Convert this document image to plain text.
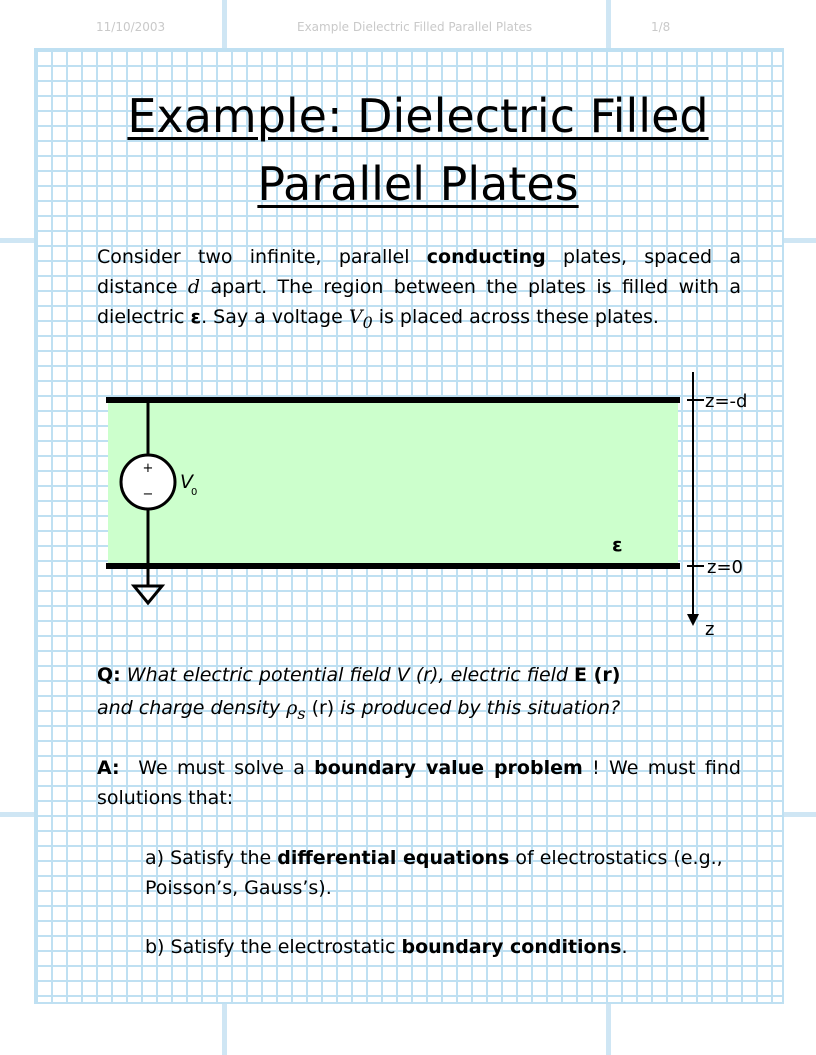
11/10/2003	Example Dielectric Filled Parallel Plates	1/8
Example: Dielectric Filled
Parallel Plates
Consider two infinite, parallel conducting plates, spaced a distance d apart. The region between the plates is filled with a dielectric ε. Say a voltage $V_0$ is placed across these plates.
+
−
V
0
ε
z=-d
z=0
z
Q: What electric potential field V (r), electric field E (r)
and charge density $\rho_s$ (r) is produced by this situation?
A: We must solve a boundary value problem ! We must find solutions that:
a) Satisfy the differential equations of electrostatics (e.g., Poisson’s, Gauss’s).
b) Satisfy the electrostatic boundary conditions.
